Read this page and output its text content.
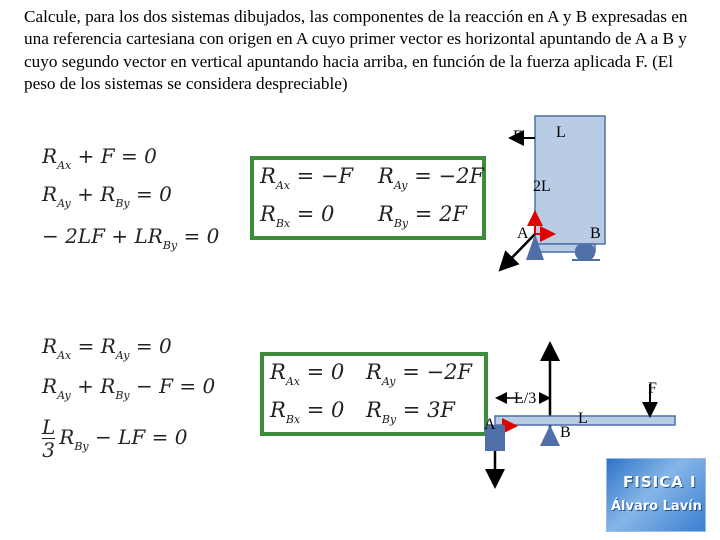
Calcule, para los dos sistemas dibujados, las componentes de la reacción en A y B expresadas en una referencia cartesiana con origen en A cuyo primer vector es horizontal apuntando de A a B y cuyo segundo vector en vertical apuntando hacia arriba, en función de la fuerza aplicada F. (El peso de los sistemas se considera despreciable)
$R_{Ax} + F = 0$
$R_{Ay} + R_{By} = 0$
− $2LF + LR_{By} = 0$
$R_{Ax} = -F$ $R_{Ay} = -2F$
$R_{Bx} = 0$ $R_{By} = 2F$
F L
2L
A	B
$R_{Ax} = R_{Ay} = 0$
$R_{Ay} + R_{By} - F = 0$
$\frac{L}{3} R_{By}$ − LF = 0
$R_{Ax} = 0$ $R_{Ay} = -2F$
$R_{Bx} = 0$ $R_{By} = 3F$	L/3
A	B
L
F
FISICA I
Álvaro Lavín
